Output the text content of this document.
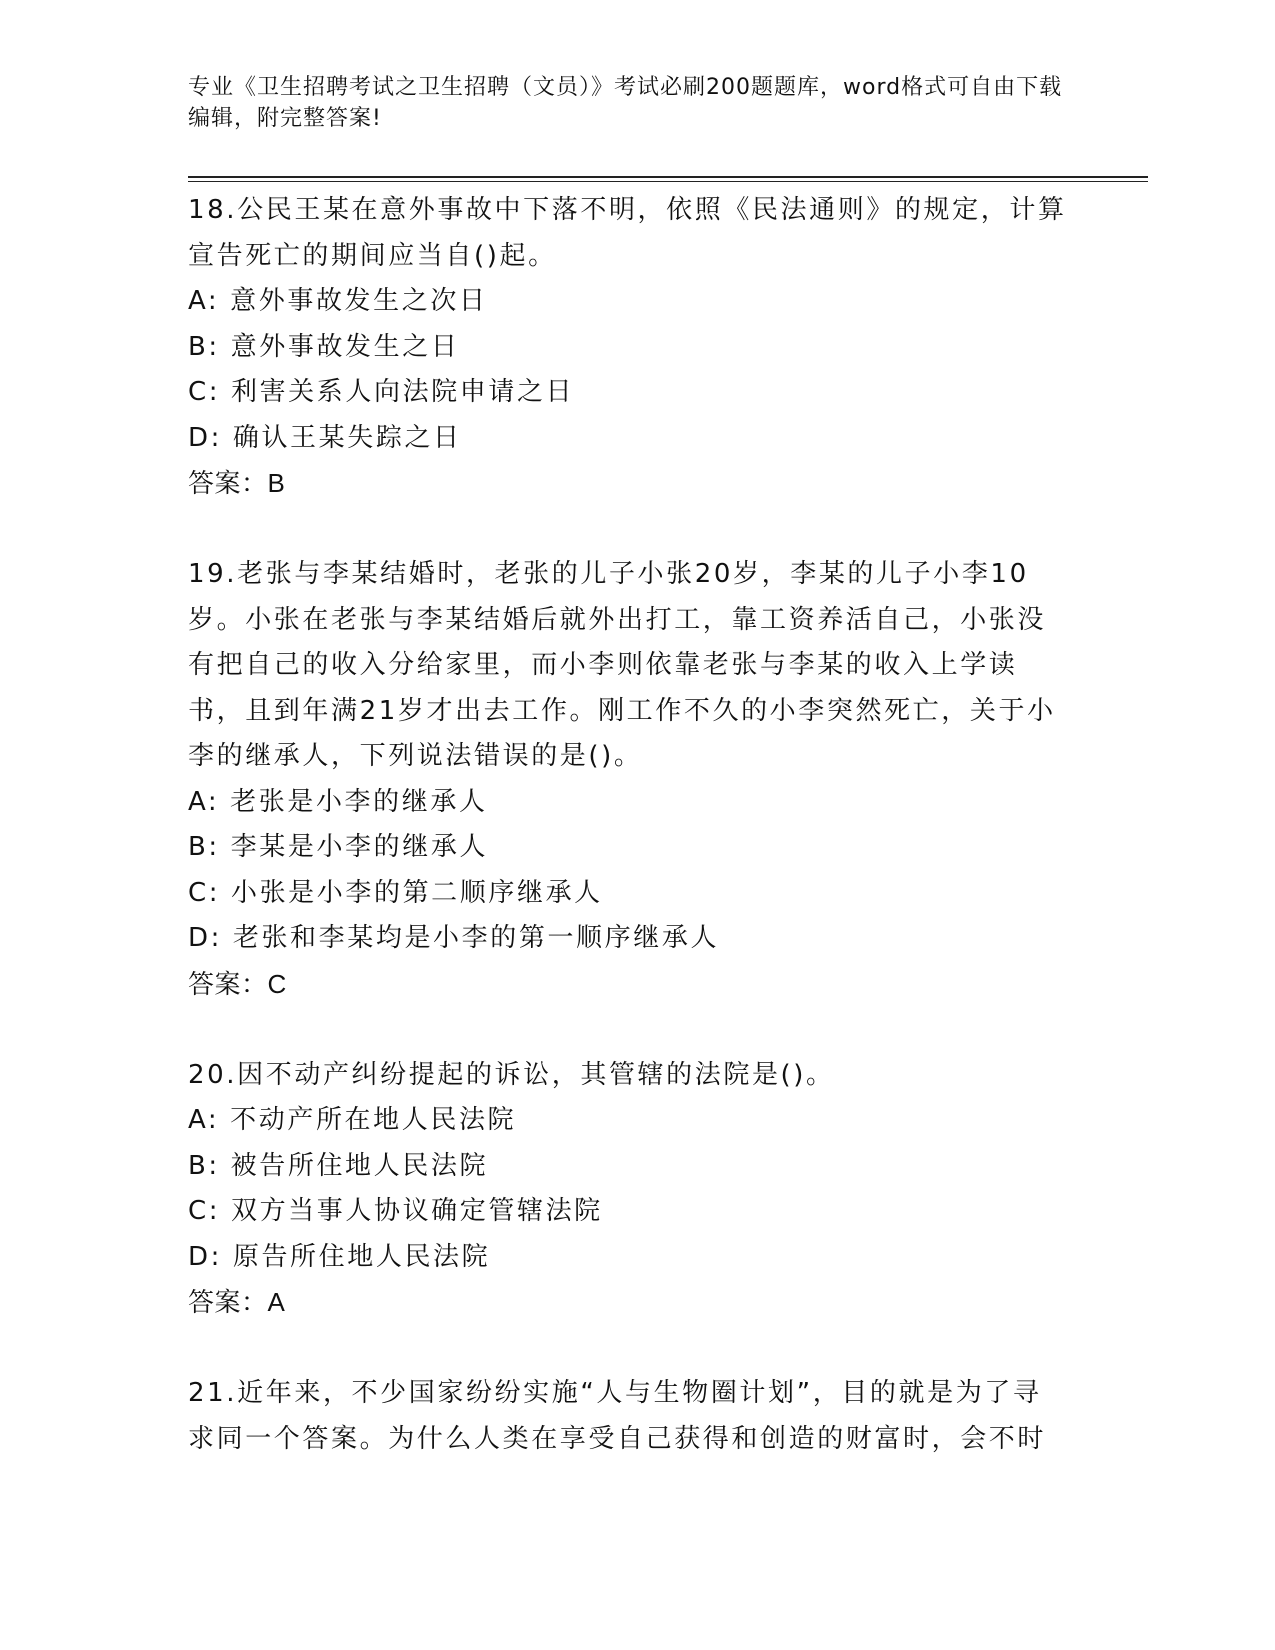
专业《卫生招聘考试之卫生招聘（文员）》考试必刷200题题库，word格式可自由下载编辑，附完整答案!

18.公民王某在意外事故中下落不明，依照《民法通则》的规定，计算宣告死亡的期间应当自()起。

A: 意外事故发生之次日

B: 意外事故发生之日

C: 利害关系人向法院申请之日

D: 确认王某失踪之日

答案：B

19.老张与李某结婚时，老张的儿子小张20岁，李某的儿子小李10岁。小张在老张与李某结婚后就外出打工，靠工资养活自己，小张没有把自己的收入分给家里，而小李则依靠老张与李某的收入上学读书，且到年满21岁才出去工作。刚工作不久的小李突然死亡，关于小李的继承人，下列说法错误的是()。

A: 老张是小李的继承人

B: 李某是小李的继承人

C: 小张是小李的第二顺序继承人

D: 老张和李某均是小李的第一顺序继承人

答案：C

20.因不动产纠纷提起的诉讼，其管辖的法院是()。

A: 不动产所在地人民法院

B: 被告所住地人民法院

C: 双方当事人协议确定管辖法院

D: 原告所住地人民法院

答案：A

21.近年来，不少国家纷纷实施“人与生物圈计划”，目的就是为了寻求同一个答案。为什么人类在享受自己获得和创造的财富时，会不时
